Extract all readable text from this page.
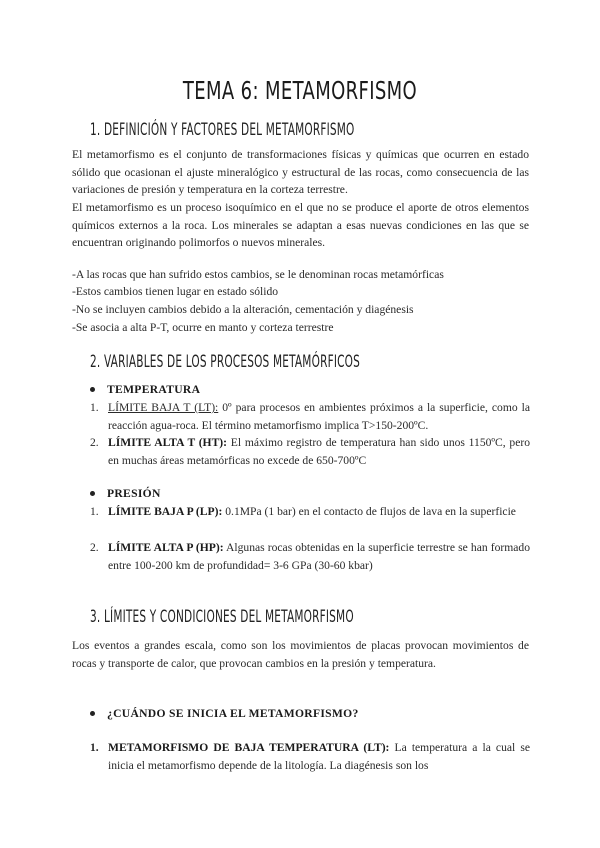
TEMA 6: METAMORFISMO
1. DEFINICIÓN Y FACTORES DEL METAMORFISMO
El metamorfismo es el conjunto de transformaciones físicas y químicas que ocurren en estado sólido que ocasionan el ajuste mineralógico y estructural de las rocas, como consecuencia de las variaciones de presión y temperatura en la corteza terrestre.
El metamorfismo es un proceso isoquímico en el que no se produce el aporte de otros elementos químicos externos a la roca. Los minerales se adaptan a esas nuevas condiciones en las que se encuentran originando polimorfos o nuevos minerales.
-A las rocas que han sufrido estos cambios, se le denominan rocas metamórficas
-Estos cambios tienen lugar en estado sólido
-No se incluyen cambios debido a la alteración, cementación y diagénesis
-Se asocia a alta P-T, ocurre en manto y corteza terrestre
2. VARIABLES DE LOS PROCESOS METAMÓRFICOS
TEMPERATURA
1. LÍMITE BAJA T (LT): 0º para procesos en ambientes próximos a la superficie, como la reacción agua-roca. El término metamorfismo implica T>150-200ºC.
2. LÍMITE ALTA T (HT): El máximo registro de temperatura han sido unos 1150ºC, pero en muchas áreas metamórficas no excede de 650-700ºC
PRESIÓN
1. LÍMITE BAJA P (LP): 0.1MPa (1 bar) en el contacto de flujos de lava en la superficie
2. LÍMITE ALTA P (HP): Algunas rocas obtenidas en la superficie terrestre se han formado entre 100-200 km de profundidad= 3-6 GPa (30-60 kbar)
3. LÍMITES Y CONDICIONES DEL METAMORFISMO
Los eventos a grandes escala, como son los movimientos de placas provocan movimientos de rocas y transporte de calor, que provocan cambios en la presión y temperatura.
¿CUÁNDO SE INICIA EL METAMORFISMO?
1. METAMORFISMO DE BAJA TEMPERATURA (LT): La temperatura a la cual se inicia el metamorfismo depende de la litología. La diagénesis son los
